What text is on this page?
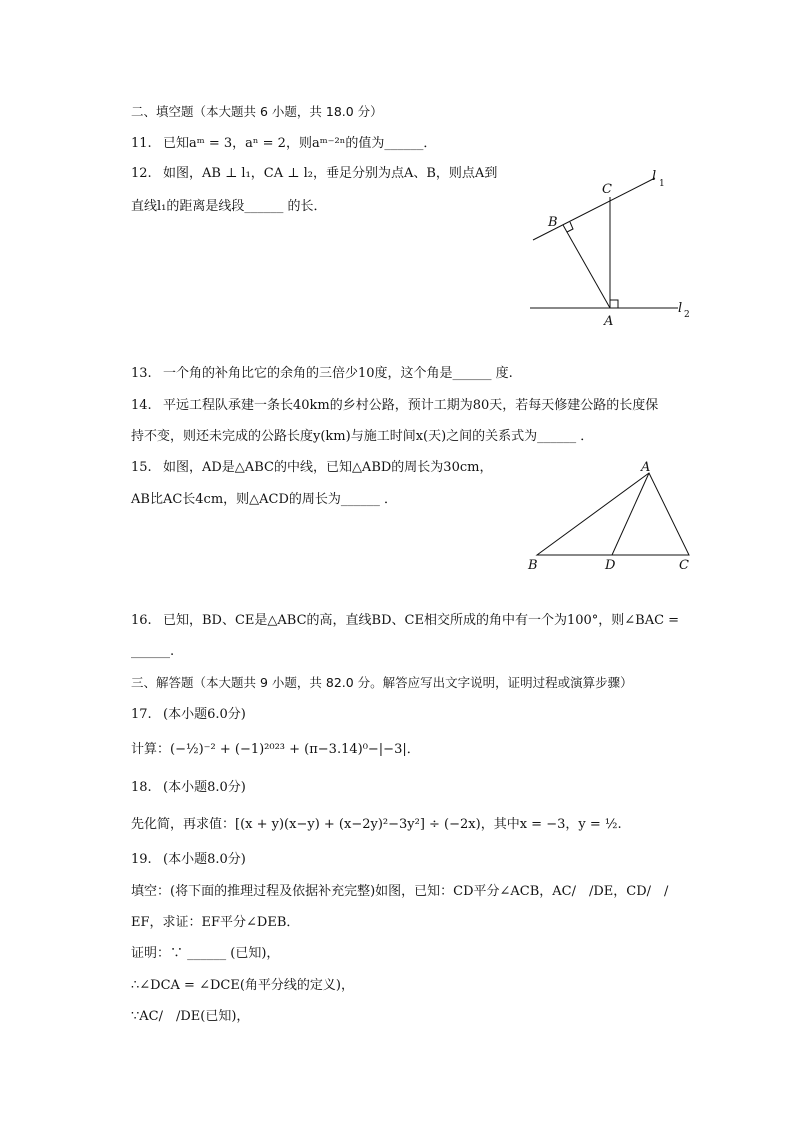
二、填空题（本大题共 6 小题，共 18.0 分）
11. 已知aᵐ = 3，aⁿ = 2，则aᵐ⁻²ⁿ的值为______．
12. 如图，AB ⊥ l₁，CA ⊥ l₂，垂足分别为点A、B，则点A到
直线l₁的距离是线段______ 的长．
C
B
A
l 1
l 2
13. 一个角的补角比它的余角的三倍少10度，这个角是______ 度.
14. 平远工程队承建一条长40km的乡村公路，预计工期为80天，若每天修建公路的长度保
持不变，则还未完成的公路长度y(km)与施工时间x(天)之间的关系式为______ ．
15. 如图，AD是△ABC的中线，已知△ABD的周长为30cm，
AB比AC长4cm，则△ACD的周长为______ ．
A
B	D	C
16. 已知，BD、CE是△ABC的高，直线BD、CE相交所成的角中有一个为100°，则∠BAC =
______.
三、解答题（本大题共 9 小题，共 82.0 分。解答应写出文字说明，证明过程或演算步骤）
17. (本小题6.0分)
计算：(−½)⁻² + (−1)²⁰²³ + (π−3.14)⁰−|−3|．
18. (本小题8.0分)
先化简，再求值：[(x + y)(x−y) + (x−2y)²−3y²] ÷ (−2x)，其中x = −3，y = ½.
19. (本小题8.0分)
填空：(将下面的推理过程及依据补充完整)如图，已知：CD平分∠ACB，AC/　/DE，CD/　/
EF，求证：EF平分∠DEB．
证明：∵ ______ (已知)，
∴∠DCA = ∠DCE(角平分线的定义)，
∵AC/　/DE(已知)，
